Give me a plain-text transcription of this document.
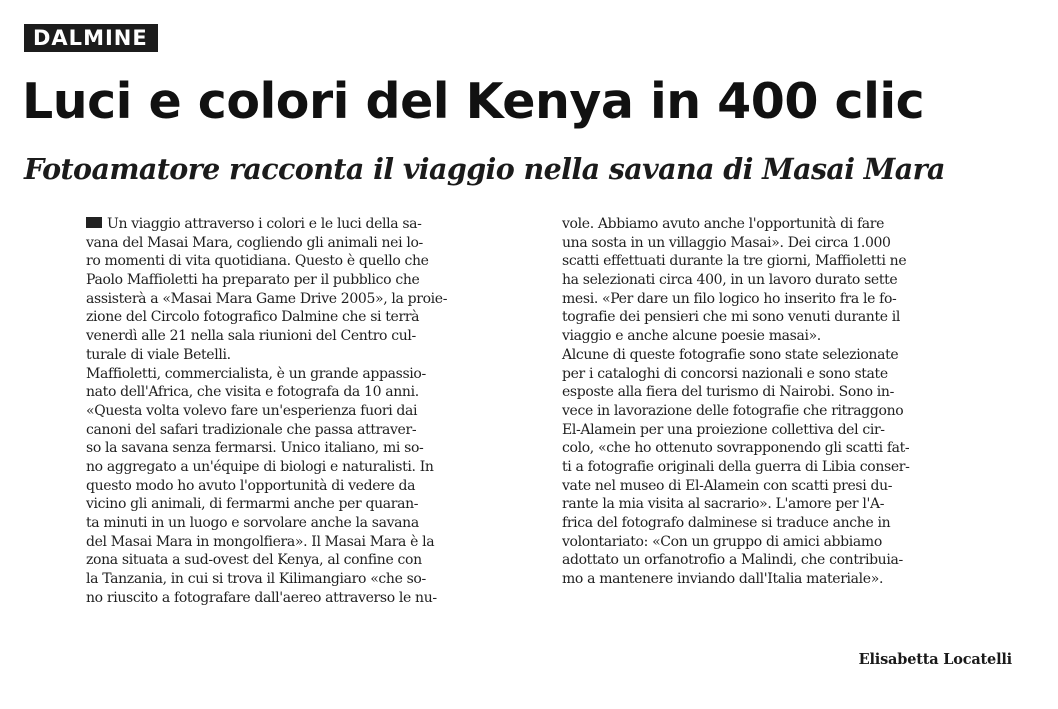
DALMINE
Luci e colori del Kenya in 400 clic
Fotoamatore racconta il viaggio nella savana di Masai Mara
Un viaggio attraverso i colori e le luci della sa-
vana del Masai Mara, cogliendo gli animali nei lo-
ro momenti di vita quotidiana. Questo è quello che
Paolo Maffioletti ha preparato per il pubblico che
assisterà a «Masai Mara Game Drive 2005», la proie-
zione del Circolo fotografico Dalmine che si terrà
venerdì alle 21 nella sala riunioni del Centro cul-
turale di viale Betelli.
Maffioletti, commercialista, è un grande appassio-
nato dell'Africa, che visita e fotografa da 10 anni.
«Questa volta volevo fare un'esperienza fuori dai
canoni del safari tradizionale che passa attraver-
so la savana senza fermarsi. Unico italiano, mi so-
no aggregato a un'équipe di biologi e naturalisti. In
questo modo ho avuto l'opportunità di vedere da
vicino gli animali, di fermarmi anche per quaran-
ta minuti in un luogo e sorvolare anche la savana
del Masai Mara in mongolfiera». Il Masai Mara è la
zona situata a sud-ovest del Kenya, al confine con
la Tanzania, in cui si trova il Kilimangiaro «che so-
no riuscito a fotografare dall'aereo attraverso le nu-
vole. Abbiamo avuto anche l'opportunità di fare
una sosta in un villaggio Masai». Dei circa 1.000
scatti effettuati durante la tre giorni, Maffioletti ne
ha selezionati circa 400, in un lavoro durato sette
mesi. «Per dare un filo logico ho inserito fra le fo-
tografie dei pensieri che mi sono venuti durante il
viaggio e anche alcune poesie masai».
Alcune di queste fotografie sono state selezionate
per i cataloghi di concorsi nazionali e sono state
esposte alla fiera del turismo di Nairobi. Sono in-
vece in lavorazione delle fotografie che ritraggono
El-Alamein per una proiezione collettiva del cir-
colo, «che ho ottenuto sovrapponendo gli scatti fat-
ti a fotografie originali della guerra di Libia conser-
vate nel museo di El-Alamein con scatti presi du-
rante la mia visita al sacrario». L'amore per l'A-
frica del fotografo dalminese si traduce anche in
volontariato: «Con un gruppo di amici abbiamo
adottato un orfanotrofio a Malindi, che contribuia-
mo a mantenere inviando dall'Italia materiale».
Elisabetta Locatelli
